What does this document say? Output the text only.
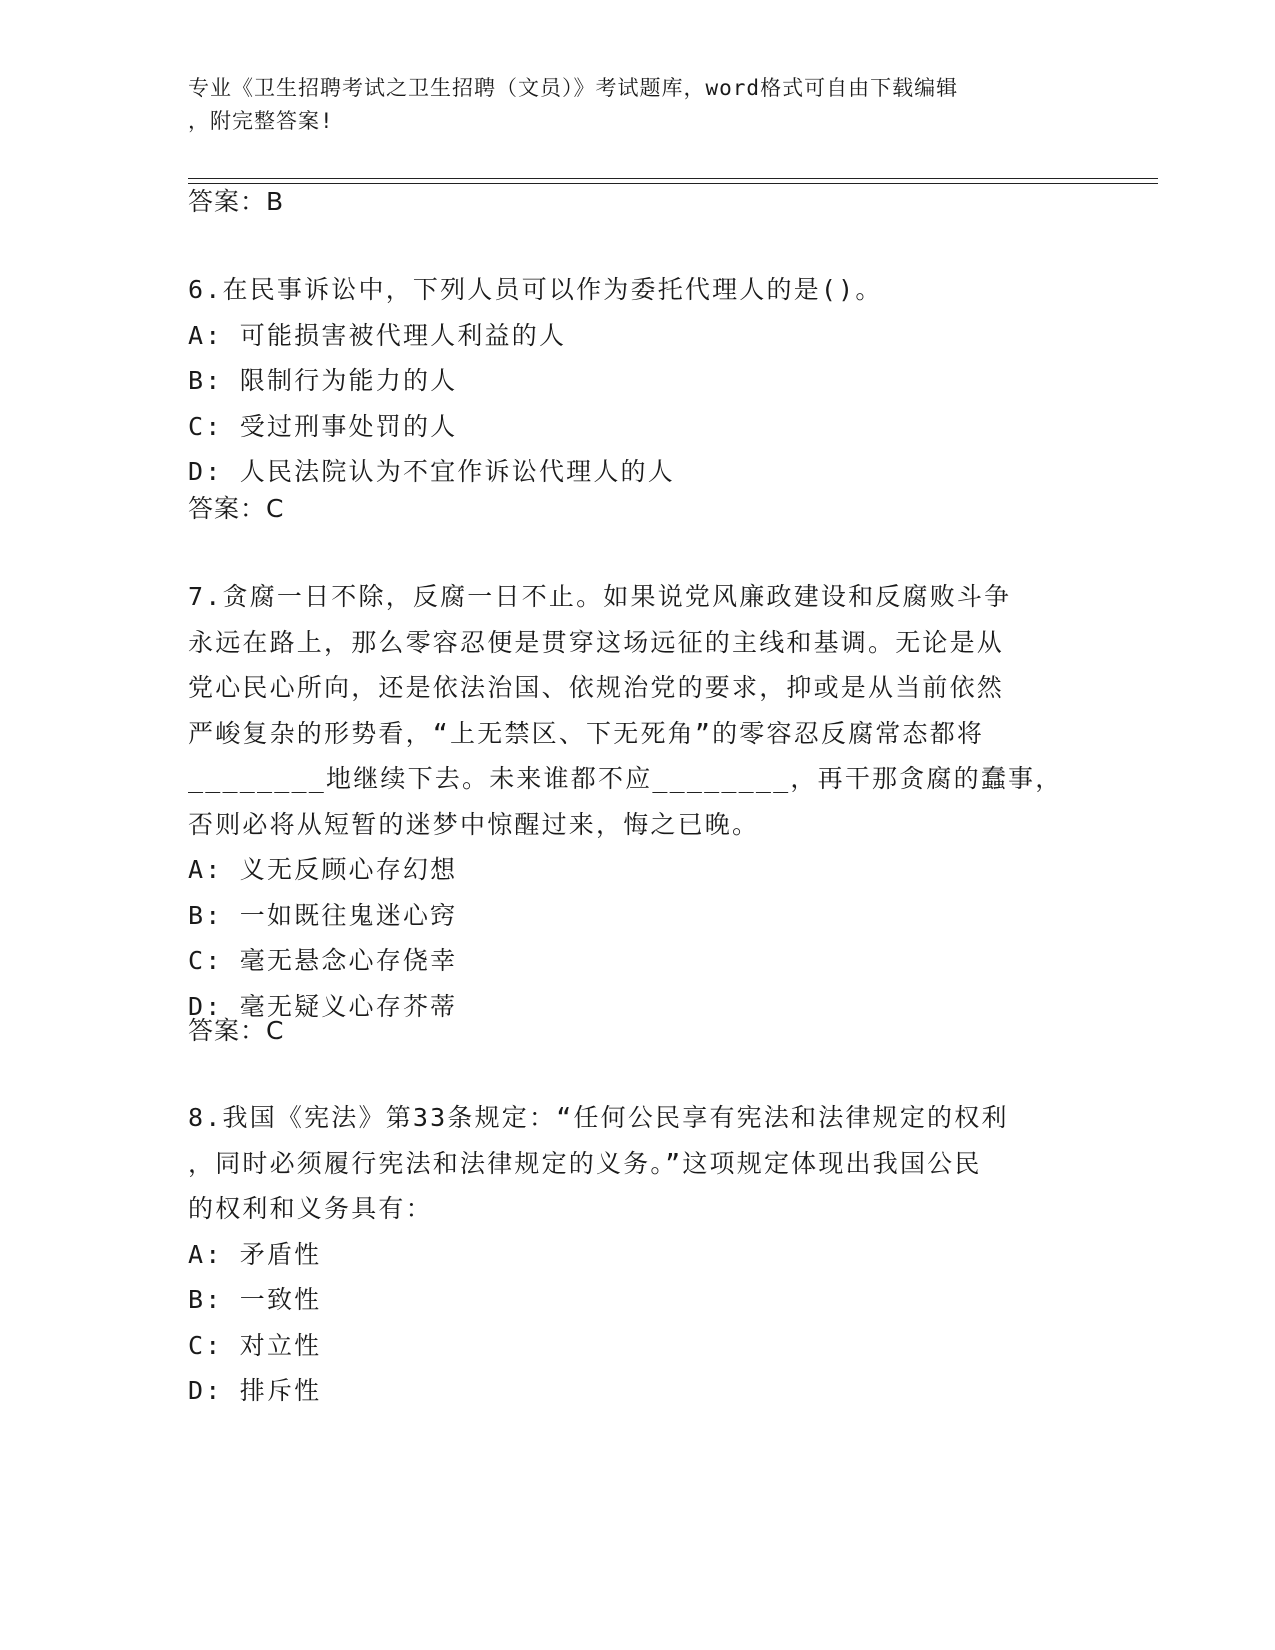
专业《卫生招聘考试之卫生招聘（文员）》考试题库，word格式可自由下载编辑
，附完整答案!
答案：B
6.在民事诉讼中，下列人员可以作为委托代理人的是()。
A: 可能损害被代理人利益的人
B: 限制行为能力的人
C: 受过刑事处罚的人
D: 人民法院认为不宜作诉讼代理人的人
答案：C
7.贪腐一日不除，反腐一日不止。如果说党风廉政建设和反腐败斗争
永远在路上，那么零容忍便是贯穿这场远征的主线和基调。无论是从
党心民心所向，还是依法治国、依规治党的要求，抑或是从当前依然
严峻复杂的形势看，“上无禁区、下无死角”的零容忍反腐常态都将
________地继续下去。未来谁都不应________，再干那贪腐的蠢事，
否则必将从短暂的迷梦中惊醒过来，悔之已晚。
A: 义无反顾心存幻想
B: 一如既往鬼迷心窍
C: 毫无悬念心存侥幸
D: 毫无疑义心存芥蒂
答案：C
8.我国《宪法》第33条规定：“任何公民享有宪法和法律规定的权利
，同时必须履行宪法和法律规定的义务。”这项规定体现出我国公民
的权利和义务具有：
A: 矛盾性
B: 一致性
C: 对立性
D: 排斥性
